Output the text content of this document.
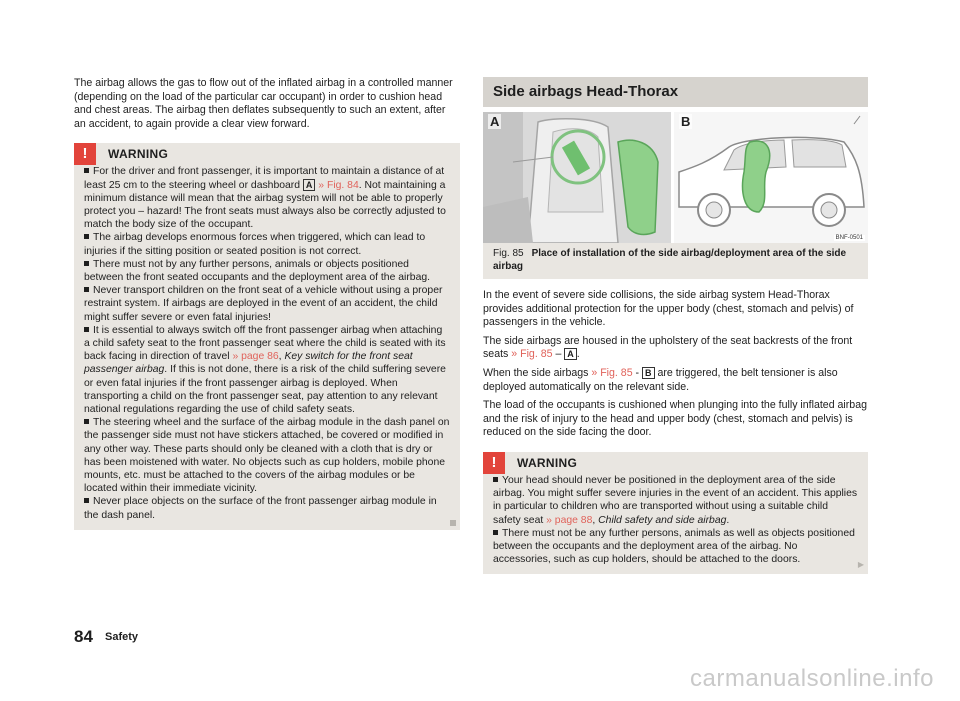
The airbag allows the gas to flow out of the inflated airbag in a controlled manner (depending on the load of the particular car occupant) in order to cushion head and chest areas. The airbag then deflates subsequently to such an extent, after an accident, to again provide a clear view forward.

!	WARNING

For the driver and front passenger, it is important to maintain a distance of at least 25 cm to the steering wheel or dashboard A » Fig. 84. Not maintaining a minimum distance will mean that the airbag system will not be able to properly protect you – hazard! The front seats must always also be correctly adjusted to match the body size of the occupant.

The airbag develops enormous forces when triggered, which can lead to injuries if the sitting position or seated position is not correct.

There must not by any further persons, animals or objects positioned between the front seated occupants and the deployment area of the airbag.

Never transport children on the front seat of a vehicle without using a proper restraint system. If airbags are deployed in the event of an accident, the child might suffer severe or even fatal injuries!

It is essential to always switch off the front passenger airbag when attaching a child safety seat to the front passenger seat where the child is seated with its back facing in direction of travel » page 86, Key switch for the front seat passenger airbag. If this is not done, there is a risk of the child suffering severe or even fatal injuries if the front passenger airbag is deployed. When transporting a child on the front passenger seat, pay attention to any relevant national regulations regarding the use of child safety seats.

The steering wheel and the surface of the airbag module in the dash panel on the passenger side must not have stickers attached, be covered or modified in any other way. These parts should only be cleaned with a cloth that is dry or has been moistened with water. No objects such as cup holders, mobile phone mounts, etc. must be attached to the covers of the airbag modules or be located within their immediate vicinity.

Never place objects on the surface of the front passenger airbag module in the dash panel.

Side airbags Head-Thorax
A	B
BNF-0501
Fig. 85 Place of installation of the side airbag/deployment area of the side airbag

In the event of severe side collisions, the side airbag system Head-Thorax provides additional protection for the upper body (chest, stomach and pelvis) of passengers in the vehicle.

The side airbags are housed in the upholstery of the seat backrests of the front seats » Fig. 85 – A .

When the side airbags » Fig. 85 - B are triggered, the belt tensioner is also deployed automatically on the relevant side.

The load of the occupants is cushioned when plunging into the fully inflated airbag and the risk of injury to the head and upper body (chest, stomach and pelvis) is reduced on the side facing the door.

!	WARNING

Your head should never be positioned in the deployment area of the side airbag. You might suffer severe injuries in the event of an accident. This applies in particular to children who are transported without using a suitable child safety seat » page 88, Child safety and side airbag.

There must not be any further persons, animals as well as objects positioned between the occupants and the deployment area of the airbag. No accessories, such as cup holders, should be attached to the doors.	▶
84 Safety
carmanualsonline.info
